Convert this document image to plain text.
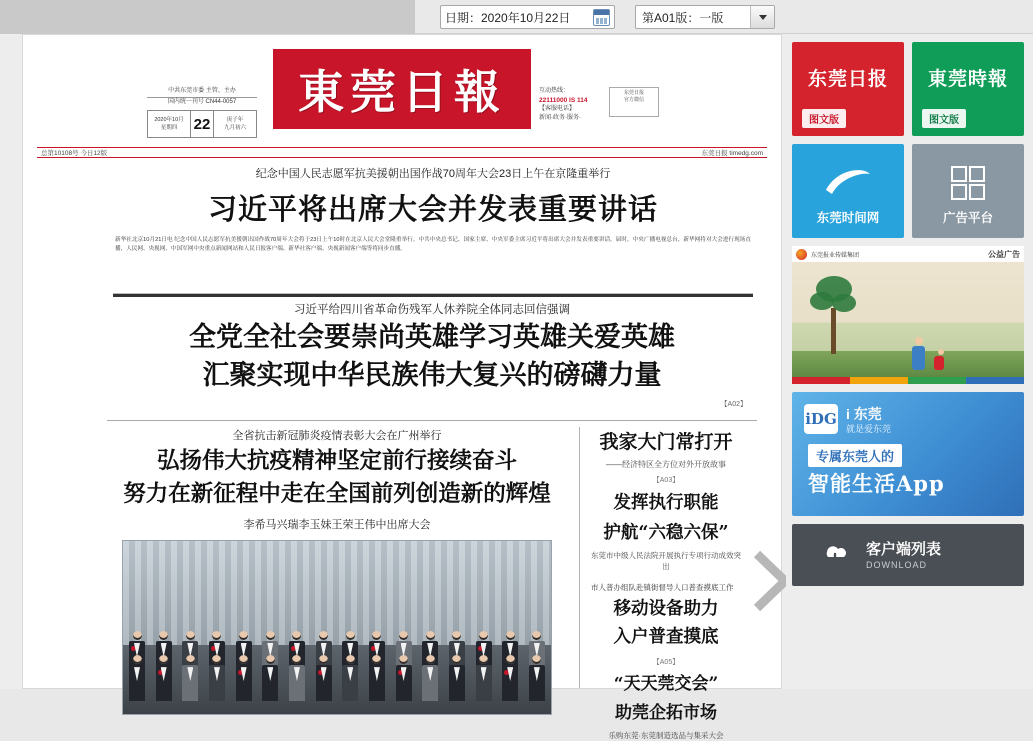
日期：2020年10月22日	第A01版：一版
中共东莞市委 主管、主办
国内统一刊号 CN44-0057
2020年10月
星期四	22	庚子年
九月初六
東莞日報	互动热线：
22111000 IS 114
【客服电话】
新闻·政务·服务·
东莞日报
官方微信
总第10108号 今日12版	东莞日报 timedg.com
纪念中国人民志愿军抗美援朝出国作战70周年大会23日上午在京隆重举行
习近平将出席大会并发表重要讲话
新华社北京10月21日电 纪念中国人民志愿军抗美援朝出国作战70周年大会将于23日上午10时在北京人民大会堂隆重举行。中共中央总书记、国家主席、中央军委主席习近平将出席大会并发表重要讲话。届时，中央广播电视总台、新华网将对大会进行现场直播，人民网、央视网、中国军网中央重点新闻网站和人民日报客户端、新华社客户端、央视新闻客户端等将同步直播。
习近平给四川省革命伤残军人休养院全体同志回信强调
全党全社会要崇尚英雄学习英雄关爱英雄
汇聚实现中华民族伟大复兴的磅礴力量
【A02】
全省抗击新冠肺炎疫情表彰大会在广州举行
弘扬伟大抗疫精神坚定前行接续奋斗
努力在新征程中走在全国前列创造新的辉煌
李希马兴瑞李玉妹王荣王伟中出席大会
我家大门常打开
——经济特区全方位对外开放故事
【A03】
发挥执行职能
护航“六稳六保”
东莞市中级人民法院开展执行专项行动成效突出
市人普办组队赴镇街督导人口普查摸底工作
移动设备助力
入户普查摸底
【A05】
“天天莞交会”
助莞企拓市场
乐购东莞·东莞制造选品与集采大会
东莞日报
图文版
東莞時報
图文版
东莞时间网	广告平台
东莞报业传媒集团	公益广告
iDG i 东莞
就是爱东莞
专属东莞人的
智能生活App
客户端列表
DOWNLOAD
